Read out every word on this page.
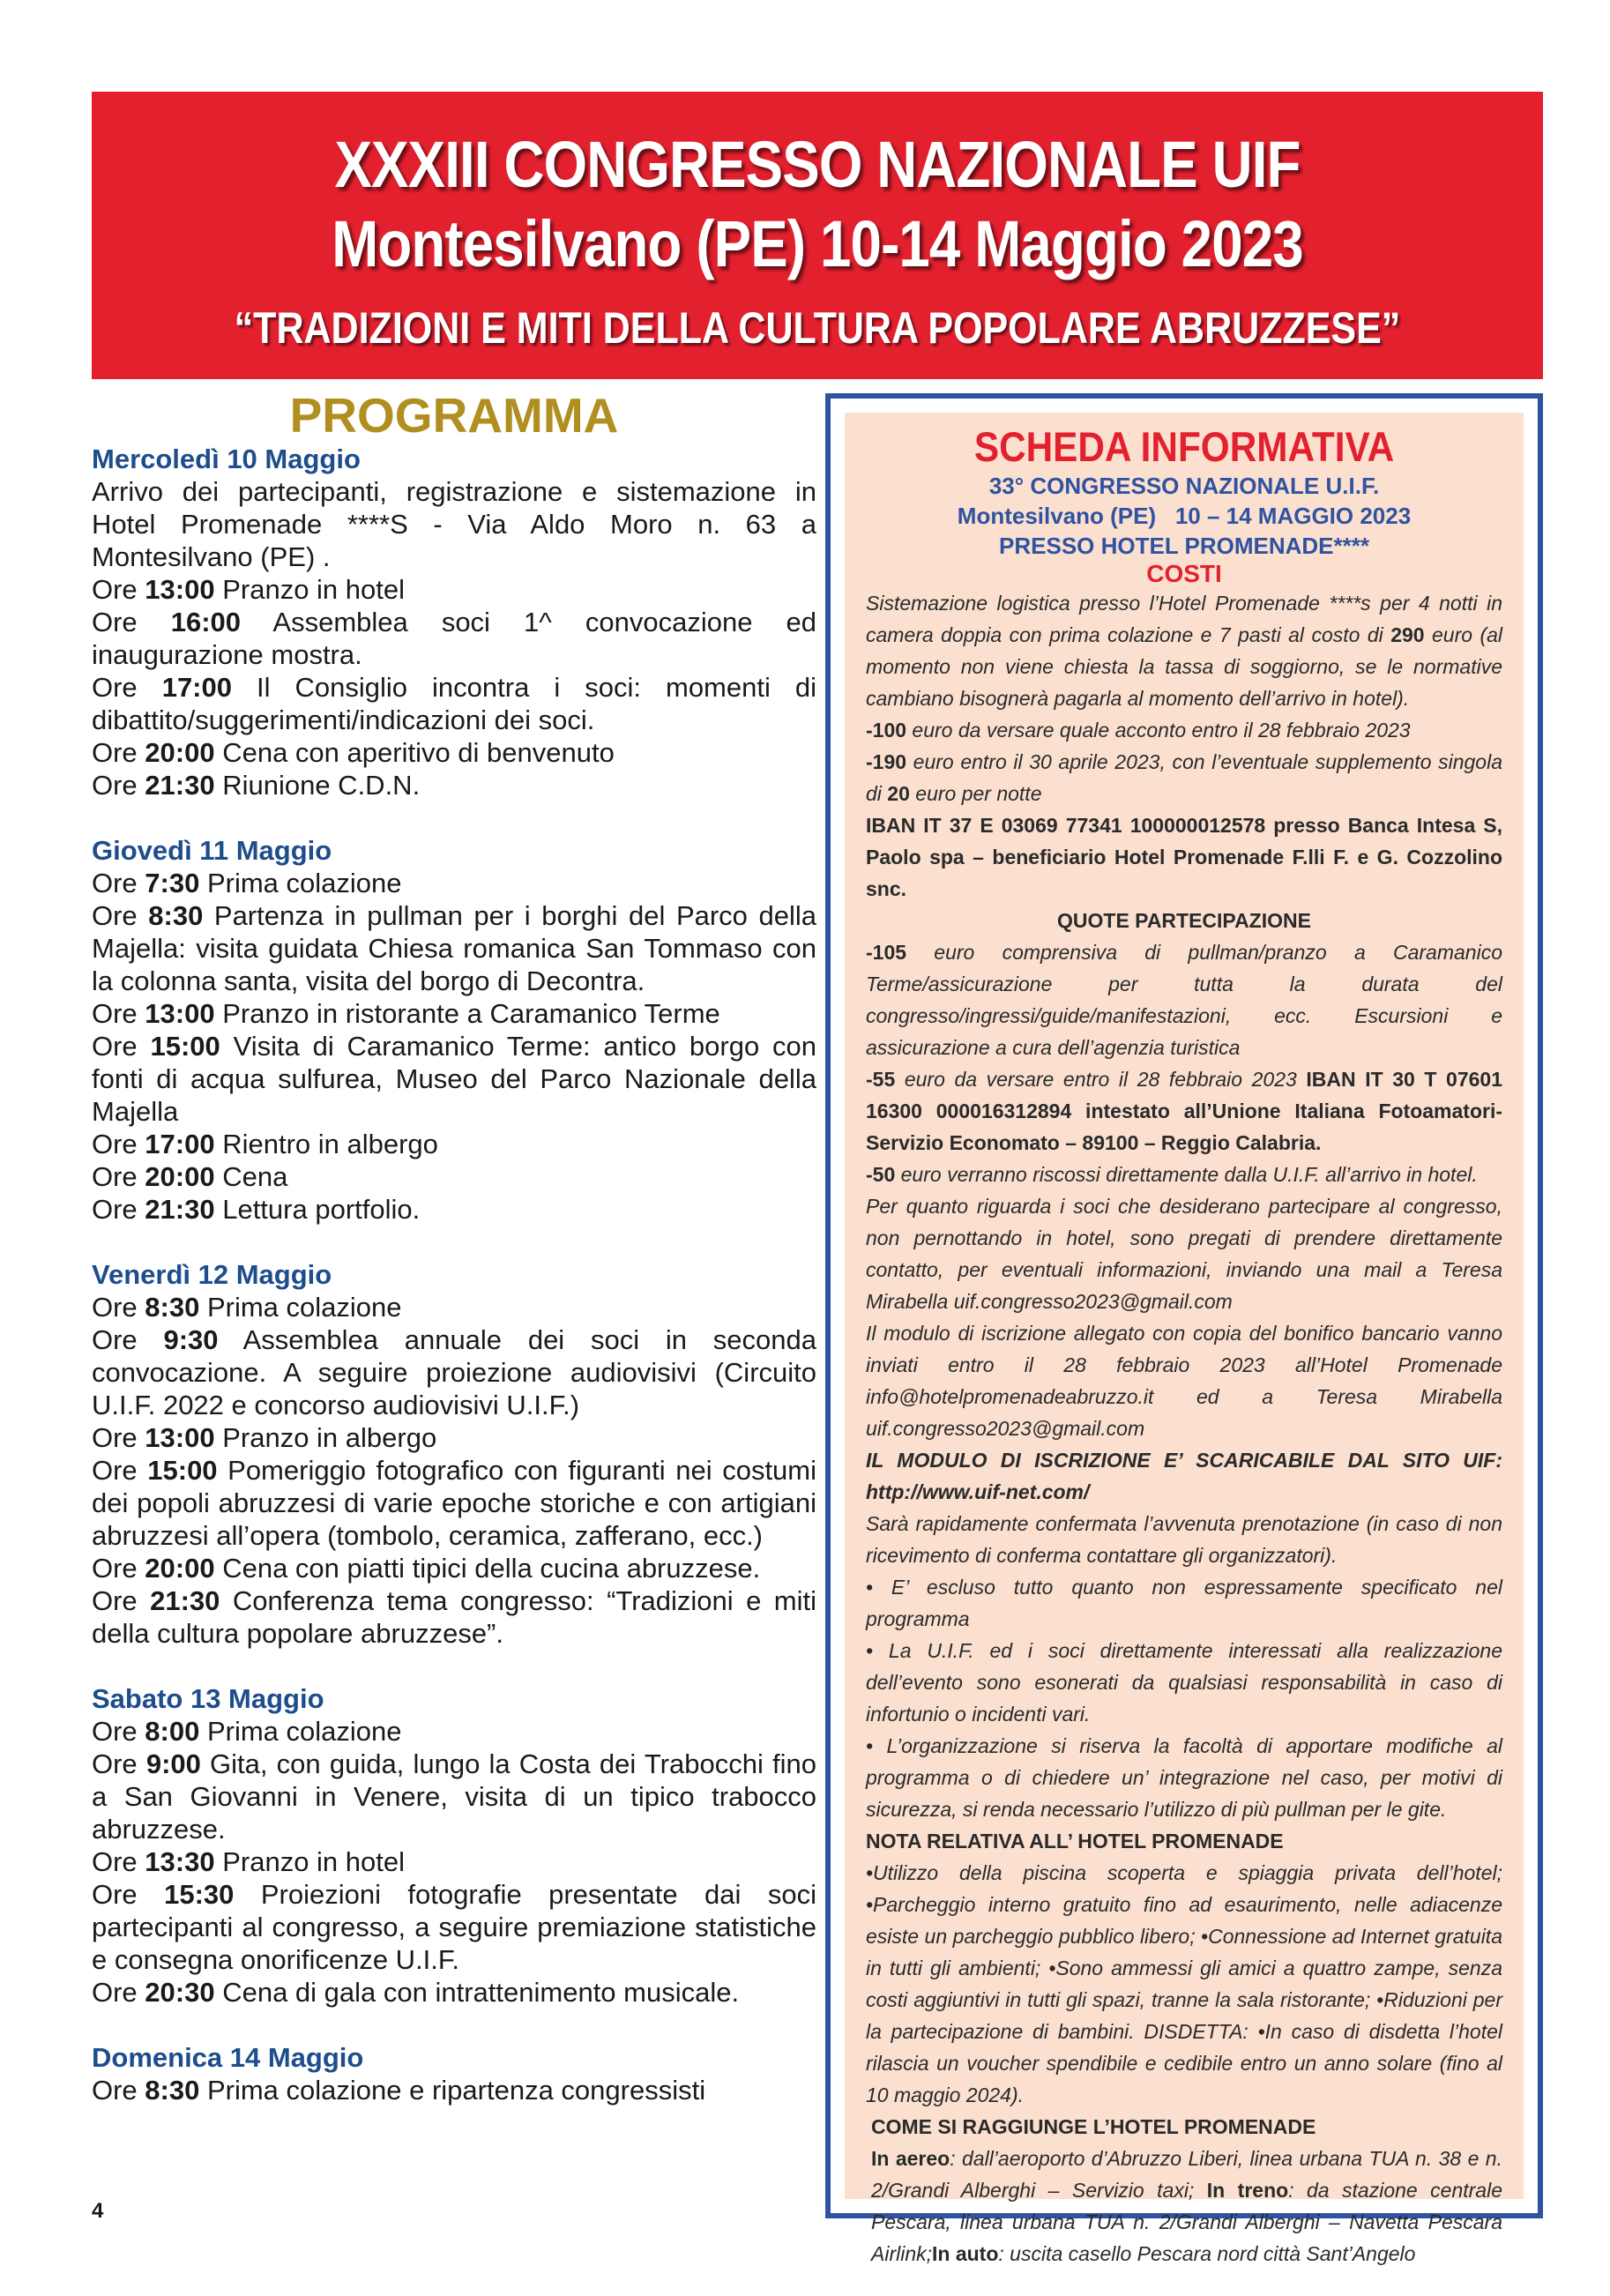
XXXIII CONGRESSO NAZIONALE UIF
Montesilvano (PE) 10-14 Maggio 2023
“TRADIZIONI E MITI DELLA CULTURA POPOLARE ABRUZZESE”
PROGRAMMA
Mercoledì 10 Maggio
Arrivo dei partecipanti, registrazione e sistemazione in Hotel Promenade ****S - Via Aldo Moro n. 63 a Montesilvano (PE) .
Ore 13:00 Pranzo in hotel
Ore 16:00 Assemblea soci 1^ convocazione ed inaugurazione mostra.
Ore 17:00 Il Consiglio incontra i soci: momenti di dibattito/suggerimenti/indicazioni dei soci.
Ore 20:00 Cena con aperitivo di benvenuto
Ore 21:30 Riunione C.D.N.
Giovedì 11 Maggio
Ore 7:30 Prima colazione
Ore 8:30 Partenza in pullman per i borghi del Parco della Majella: visita guidata Chiesa romanica San Tommaso con la colonna santa, visita del borgo di Decontra.
Ore 13:00 Pranzo in ristorante a Caramanico Terme
Ore 15:00 Visita di Caramanico Terme: antico borgo con fonti di acqua sulfurea, Museo del Parco Nazionale della Majella
Ore 17:00 Rientro in albergo
Ore 20:00 Cena
Ore 21:30 Lettura portfolio.
Venerdì 12 Maggio
Ore 8:30 Prima colazione
Ore 9:30 Assemblea annuale dei soci in seconda convocazione. A seguire proiezione audiovisivi (Circuito U.I.F. 2022 e concorso audiovisivi U.I.F.)
Ore 13:00 Pranzo in albergo
Ore 15:00 Pomeriggio fotografico con figuranti nei costumi dei popoli abruzzesi di varie epoche storiche e con artigiani abruzzesi all’opera (tombolo, ceramica, zafferano, ecc.)
Ore 20:00 Cena con piatti tipici della cucina abruzzese.
Ore 21:30 Conferenza tema congresso: “Tradizioni e miti della cultura popolare abruzzese”.
Sabato 13 Maggio
Ore 8:00 Prima colazione
Ore 9:00 Gita, con guida, lungo la Costa dei Trabocchi fino a San Giovanni in Venere, visita di un tipico trabocco abruzzese.
Ore 13:30 Pranzo in hotel
Ore 15:30 Proiezioni fotografie presentate dai soci partecipanti al congresso, a seguire premiazione statistiche e consegna onorificenze U.I.F.
Ore 20:30 Cena di gala con intrattenimento musicale.
Domenica 14 Maggio
Ore 8:30 Prima colazione e ripartenza congressisti
SCHEDA INFORMATIVA
33° CONGRESSO NAZIONALE U.I.F.
Montesilvano (PE)   10 – 14 MAGGIO 2023
PRESSO HOTEL PROMENADE****
COSTI
Sistemazione logistica presso l’Hotel Promenade ****s per 4 notti in camera doppia con prima colazione e 7 pasti al costo di 290 euro (al momento non viene chiesta la tassa di soggiorno, se le normative cambiano bisognerà pagarla al momento dell’arrivo in hotel).
-100 euro da versare quale acconto entro il 28 febbraio 2023
-190 euro entro il 30 aprile 2023, con l’eventuale supplemento singola di 20 euro per notte
IBAN IT 37 E 03069 77341 100000012578 presso Banca Intesa S, Paolo spa – beneficiario Hotel Promenade F.lli F. e G. Cozzolino snc.
QUOTE PARTECIPAZIONE
-105 euro comprensiva di pullman/pranzo a Caramanico Terme/assicurazione per tutta la durata del congresso/ingressi/guide/manifestazioni, ecc. Escursioni e assicurazione a cura dell’agenzia turistica
-55 euro da versare entro il 28 febbraio 2023 IBAN IT 30 T 07601 16300 000016312894 intestato all’Unione Italiana Fotoamatori-Servizio Economato – 89100 – Reggio Calabria.
-50 euro verranno riscossi direttamente dalla U.I.F. all’arrivo in hotel.
Per quanto riguarda i soci che desiderano partecipare al congresso, non pernottando in hotel, sono pregati di prendere direttamente contatto, per eventuali informazioni, inviando una mail a Teresa Mirabella uif.congresso2023@gmail.com
Il modulo di iscrizione allegato con copia del bonifico bancario vanno inviati entro il 28 febbraio 2023 all’Hotel Promenade info@hotelpromenadeabruzzo.it ed a Teresa Mirabella uif.congresso2023@gmail.com
IL MODULO DI ISCRIZIONE E’ SCARICABILE DAL SITO UIF: http://www.uif-net.com/
Sarà rapidamente confermata l’avvenuta prenotazione (in caso di non ricevimento di conferma contattare gli organizzatori).
• E’ escluso tutto quanto non espressamente specificato nel programma
• La U.I.F. ed i soci direttamente interessati alla realizzazione dell’evento sono esonerati da qualsiasi responsabilità in caso di infortunio o incidenti vari.
• L’organizzazione si riserva la facoltà di apportare modifiche al programma o di chiedere un’ integrazione nel caso, per motivi di sicurezza, si renda necessario l’utilizzo di più pullman per le gite.
NOTA RELATIVA ALL’ HOTEL PROMENADE
•Utilizzo della piscina scoperta e spiaggia privata dell’hotel; •Parcheggio interno gratuito fino ad esaurimento, nelle adiacenze esiste un parcheggio pubblico libero; •Connessione ad Internet gratuita in tutti gli ambienti; •Sono ammessi gli amici a quattro zampe, senza costi aggiuntivi in tutti gli spazi, tranne la sala ristorante; •Riduzioni per la partecipazione di bambini. DISDETTA: •In caso di disdetta l’hotel rilascia un voucher spendibile e cedibile entro un anno solare (fino al 10 maggio 2024).
COME SI RAGGIUNGE L’HOTEL PROMENADE
In aereo: dall’aeroporto d’Abruzzo Liberi, linea urbana TUA n. 38 e n. 2/Grandi Alberghi – Servizio taxi; In treno: da stazione centrale Pescara, linea urbana TUA n. 2/Grandi Alberghi – Navetta Pescara Airlink;In auto: uscita casello Pescara nord città Sant’Angelo
4
